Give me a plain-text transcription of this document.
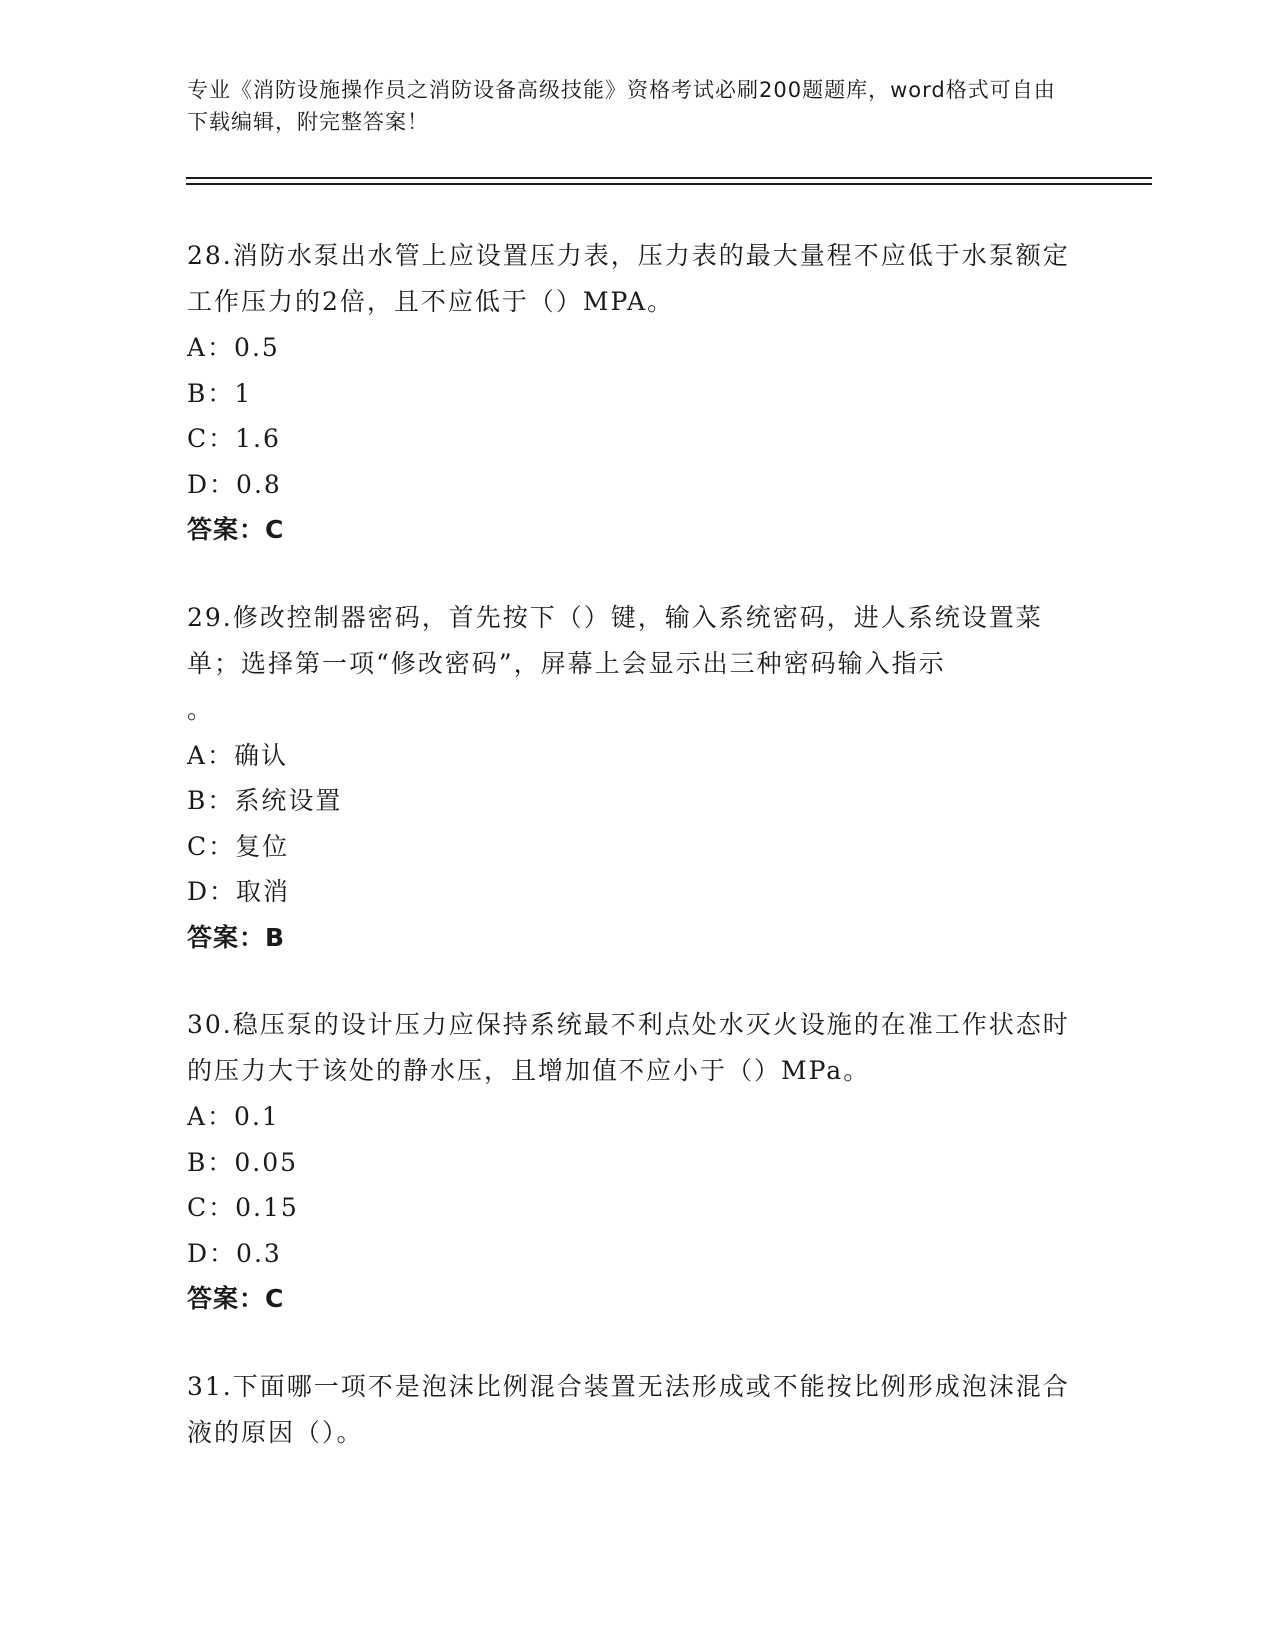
专业《消防设施操作员之消防设备高级技能》资格考试必刷200题题库，word格式可自由下载编辑，附完整答案！
28.消防水泵出水管上应设置压力表，压力表的最大量程不应低于水泵额定工作压力的2倍，且不应低于（）MPA。
A：0.5
B：1
C：1.6
D：0.8
答案：C
29.修改控制器密码，首先按下（）键，输入系统密码，进人系统设置菜单；选择第一项“修改密码”，屏幕上会显示出三种密码输入指示
。
A：确认
B：系统设置
C：复位
D：取消
答案：B
30.稳压泵的设计压力应保持系统最不利点处水灭火设施的在准工作状态时的压力大于该处的静水压，且增加值不应小于（）MPa。
A：0.1
B：0.05
C：0.15
D：0.3
答案：C
31.下面哪一项不是泡沫比例混合装置无法形成或不能按比例形成泡沫混合液的原因（）。
